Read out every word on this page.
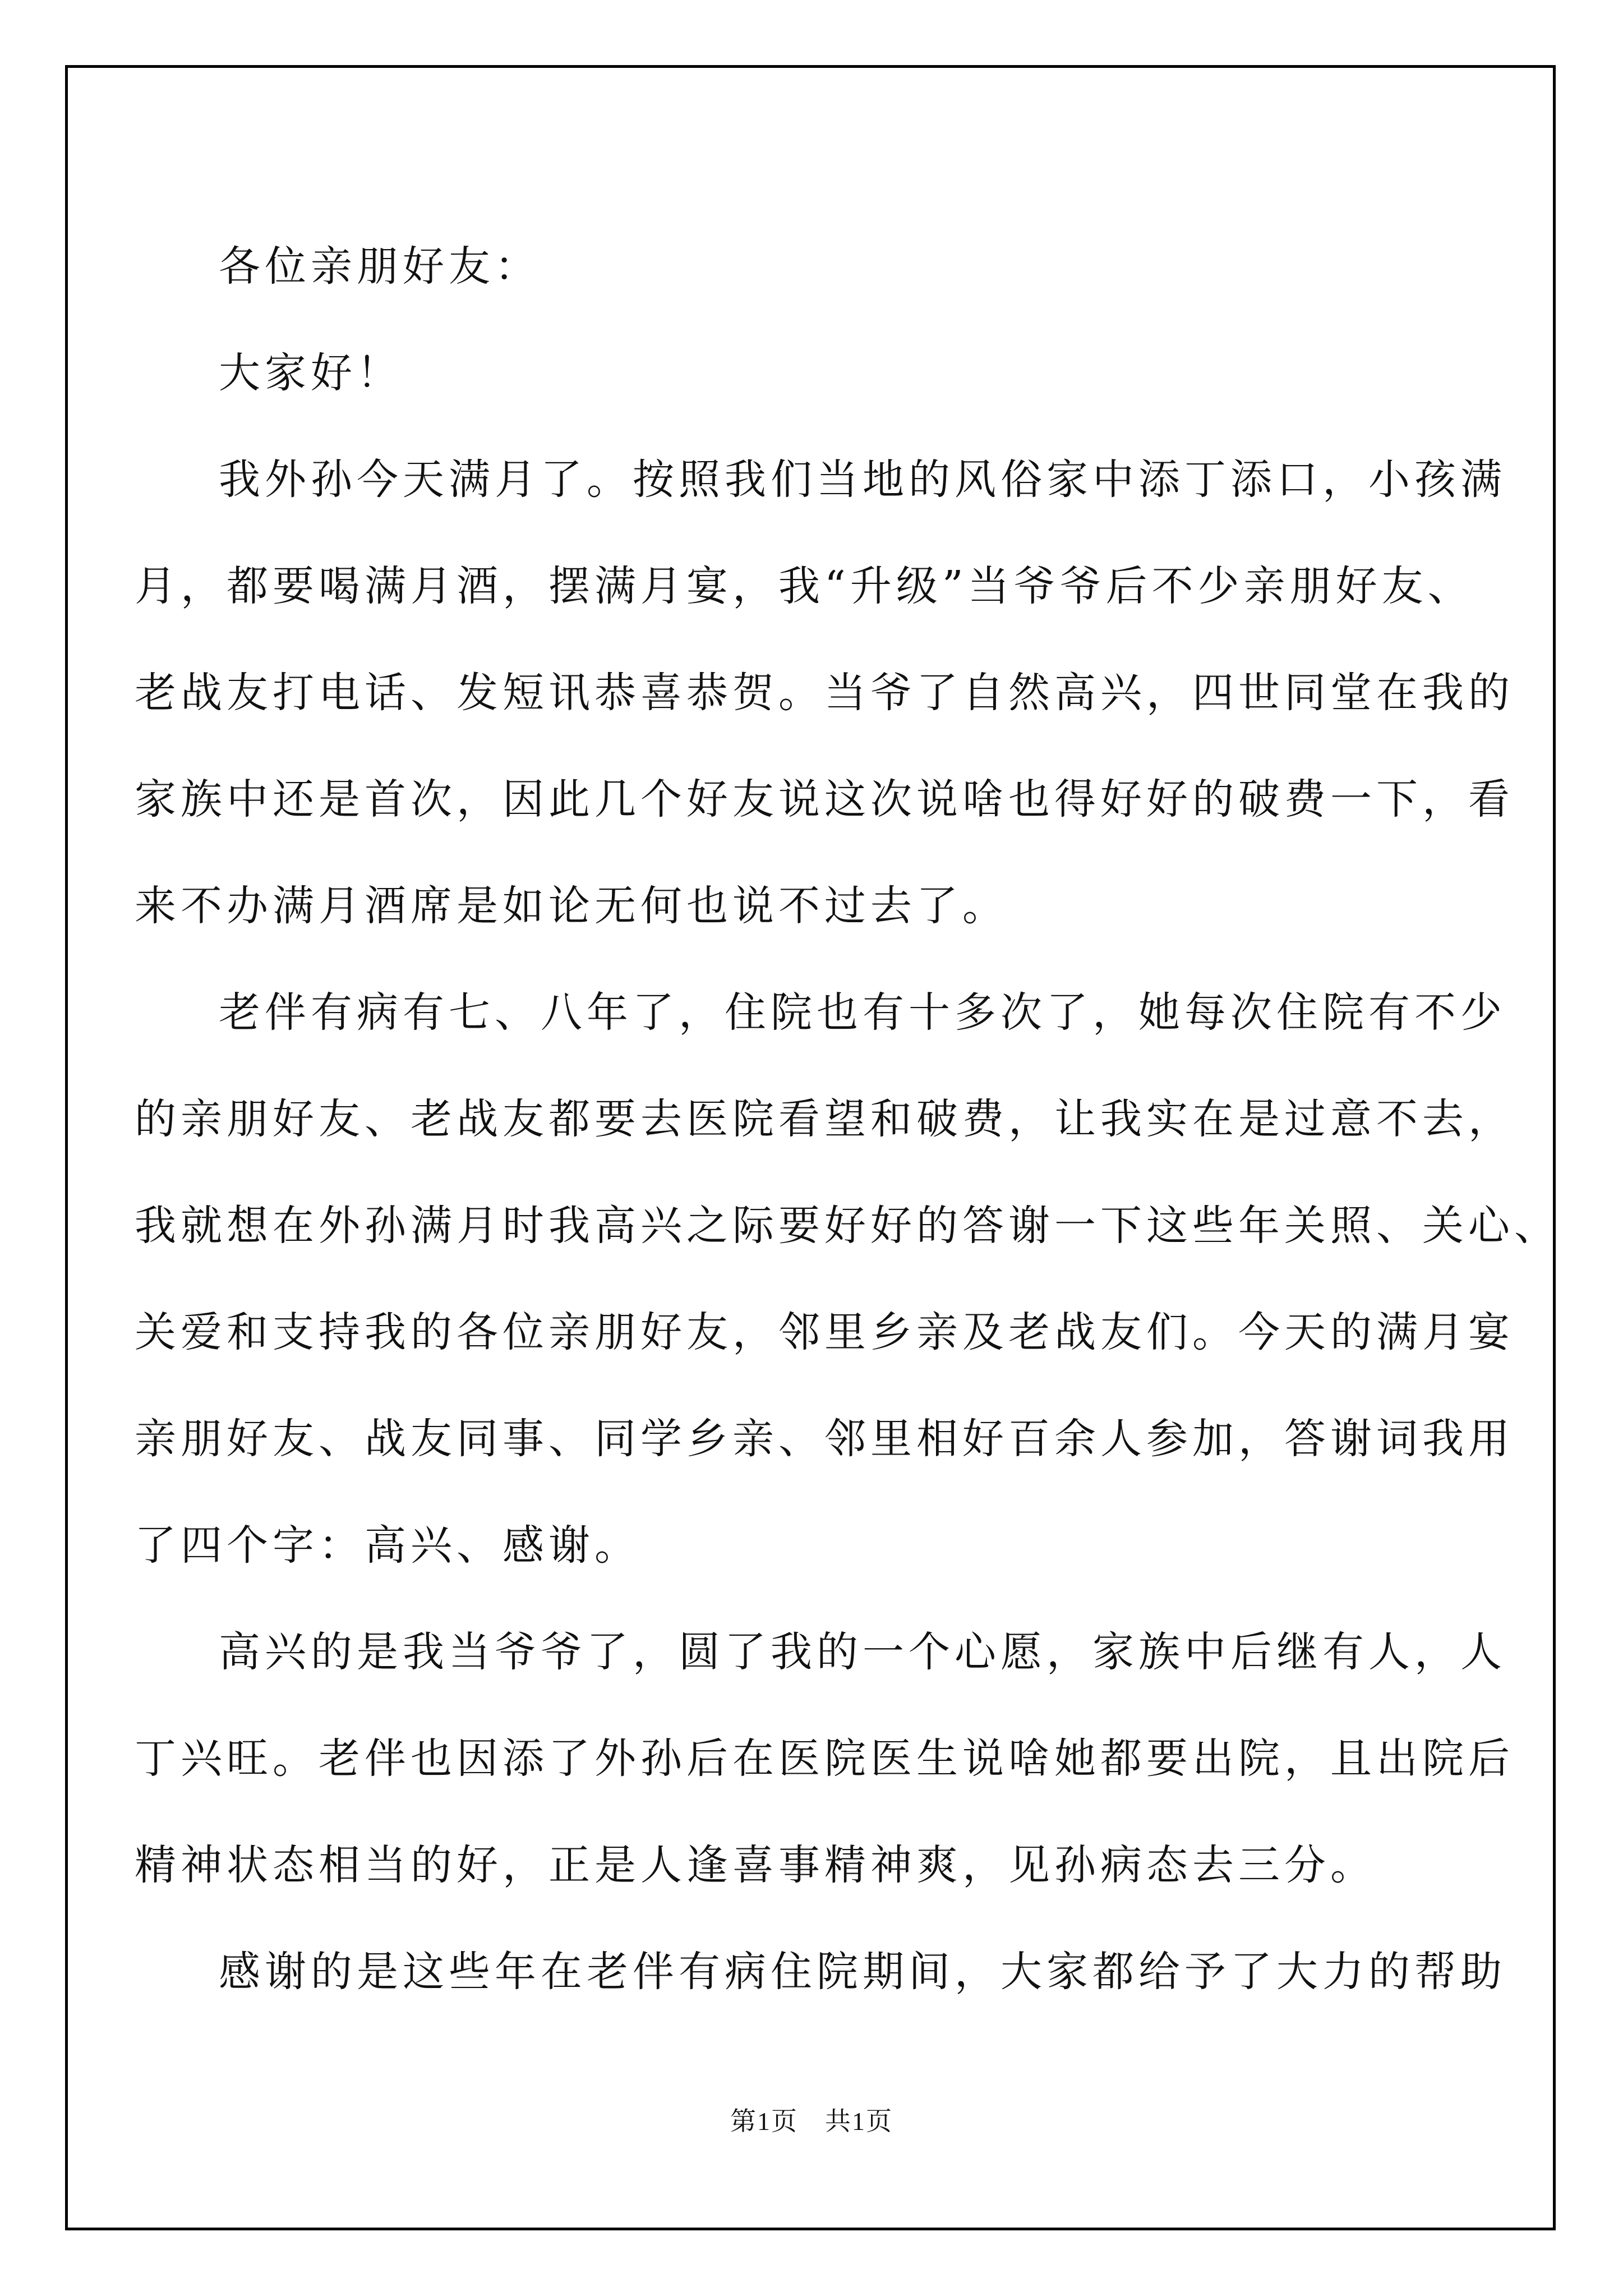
各位亲朋好友：

大家好！

我外孙今天满月了。按照我们当地的风俗家中添丁添口，小孩满
月，都要喝满月酒，摆满月宴，我“升级”当爷爷后不少亲朋好友、
老战友打电话、发短讯恭喜恭贺。当爷了自然高兴，四世同堂在我的
家族中还是首次，因此几个好友说这次说啥也得好好的破费一下，看
来不办满月酒席是如论无何也说不过去了。

老伴有病有七、八年了，住院也有十多次了，她每次住院有不少
的亲朋好友、老战友都要去医院看望和破费，让我实在是过意不去，
我就想在外孙满月时我高兴之际要好好的答谢一下这些年关照、关心、
关爱和支持我的各位亲朋好友，邻里乡亲及老战友们。今天的满月宴
亲朋好友、战友同事、同学乡亲、邻里相好百余人参加，答谢词我用
了四个字：高兴、感谢。

高兴的是我当爷爷了，圆了我的一个心愿，家族中后继有人，人
丁兴旺。老伴也因添了外孙后在医院医生说啥她都要出院，且出院后
精神状态相当的好，正是人逢喜事精神爽，见孙病态去三分。

感谢的是这些年在老伴有病住院期间，大家都给予了大力的帮助

第1页　共1页
